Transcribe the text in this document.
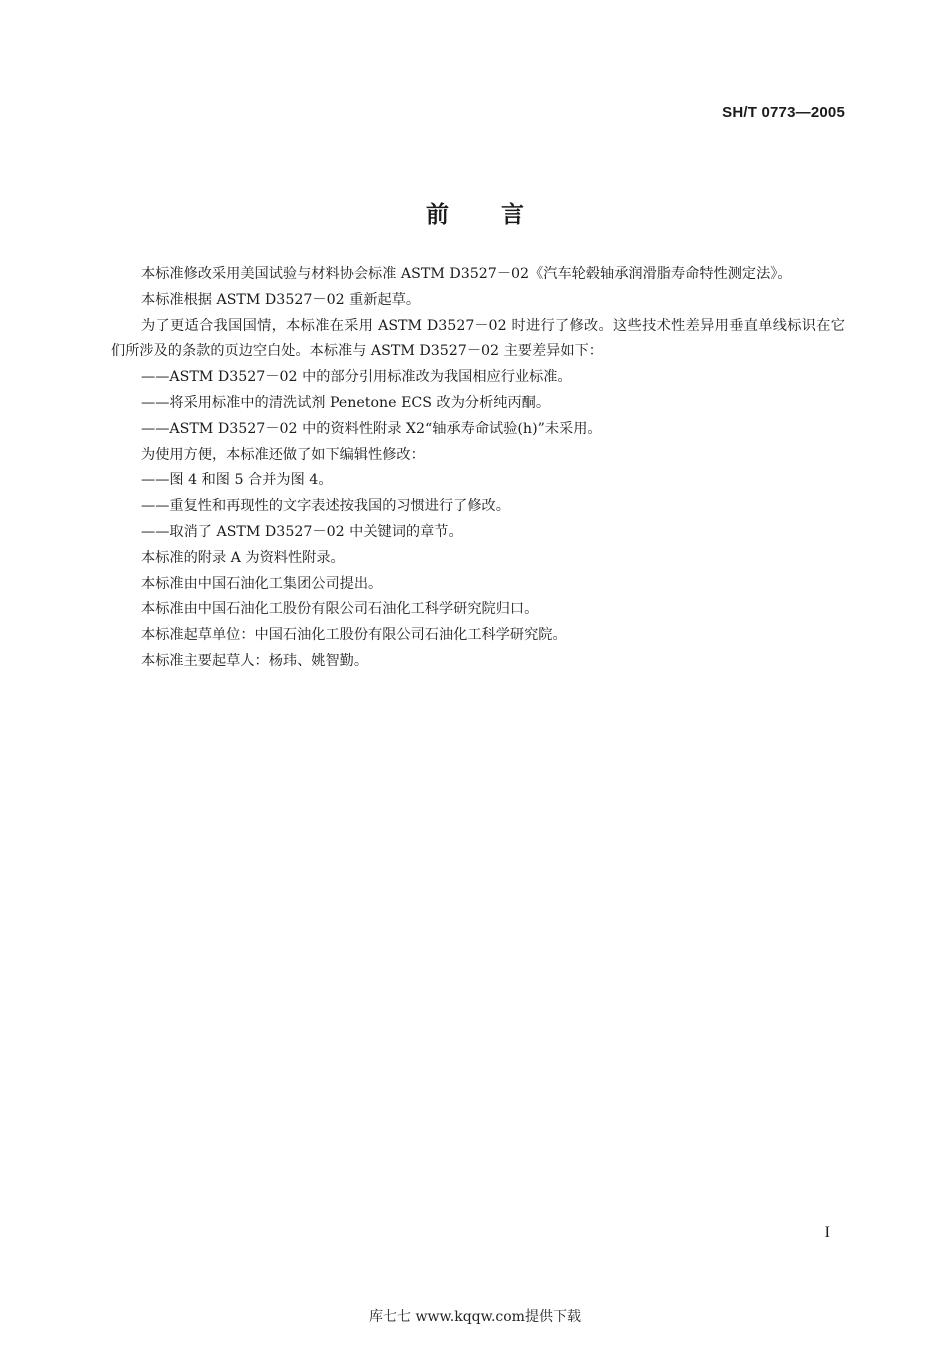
SH/T 0773—2005
前言

本标准修改采用美国试验与材料协会标准 ASTM D3527－02《汽车轮毂轴承润滑脂寿命特性测定法》。

本标准根据 ASTM D3527－02 重新起草。

为了更适合我国国情，本标准在采用 ASTM D3527－02 时进行了修改。这些技术性差异用垂直单线标识在它们所涉及的条款的页边空白处。本标准与 ASTM D3527－02 主要差异如下：

——ASTM D3527－02 中的部分引用标准改为我国相应行业标准。

——将采用标准中的清洗试剂 Penetone ECS 改为分析纯丙酮。

——ASTM D3527－02 中的资料性附录 X2“轴承寿命试验(h)”未采用。

为使用方便，本标准还做了如下编辑性修改：

——图 4 和图 5 合并为图 4。

——重复性和再现性的文字表述按我国的习惯进行了修改。

——取消了 ASTM D3527－02 中关键词的章节。

本标准的附录 A 为资料性附录。

本标准由中国石油化工集团公司提出。

本标准由中国石油化工股份有限公司石油化工科学研究院归口。

本标准起草单位：中国石油化工股份有限公司石油化工科学研究院。

本标准主要起草人：杨玮、姚智勤。

I
库七七 www.kqqw.com提供下载
